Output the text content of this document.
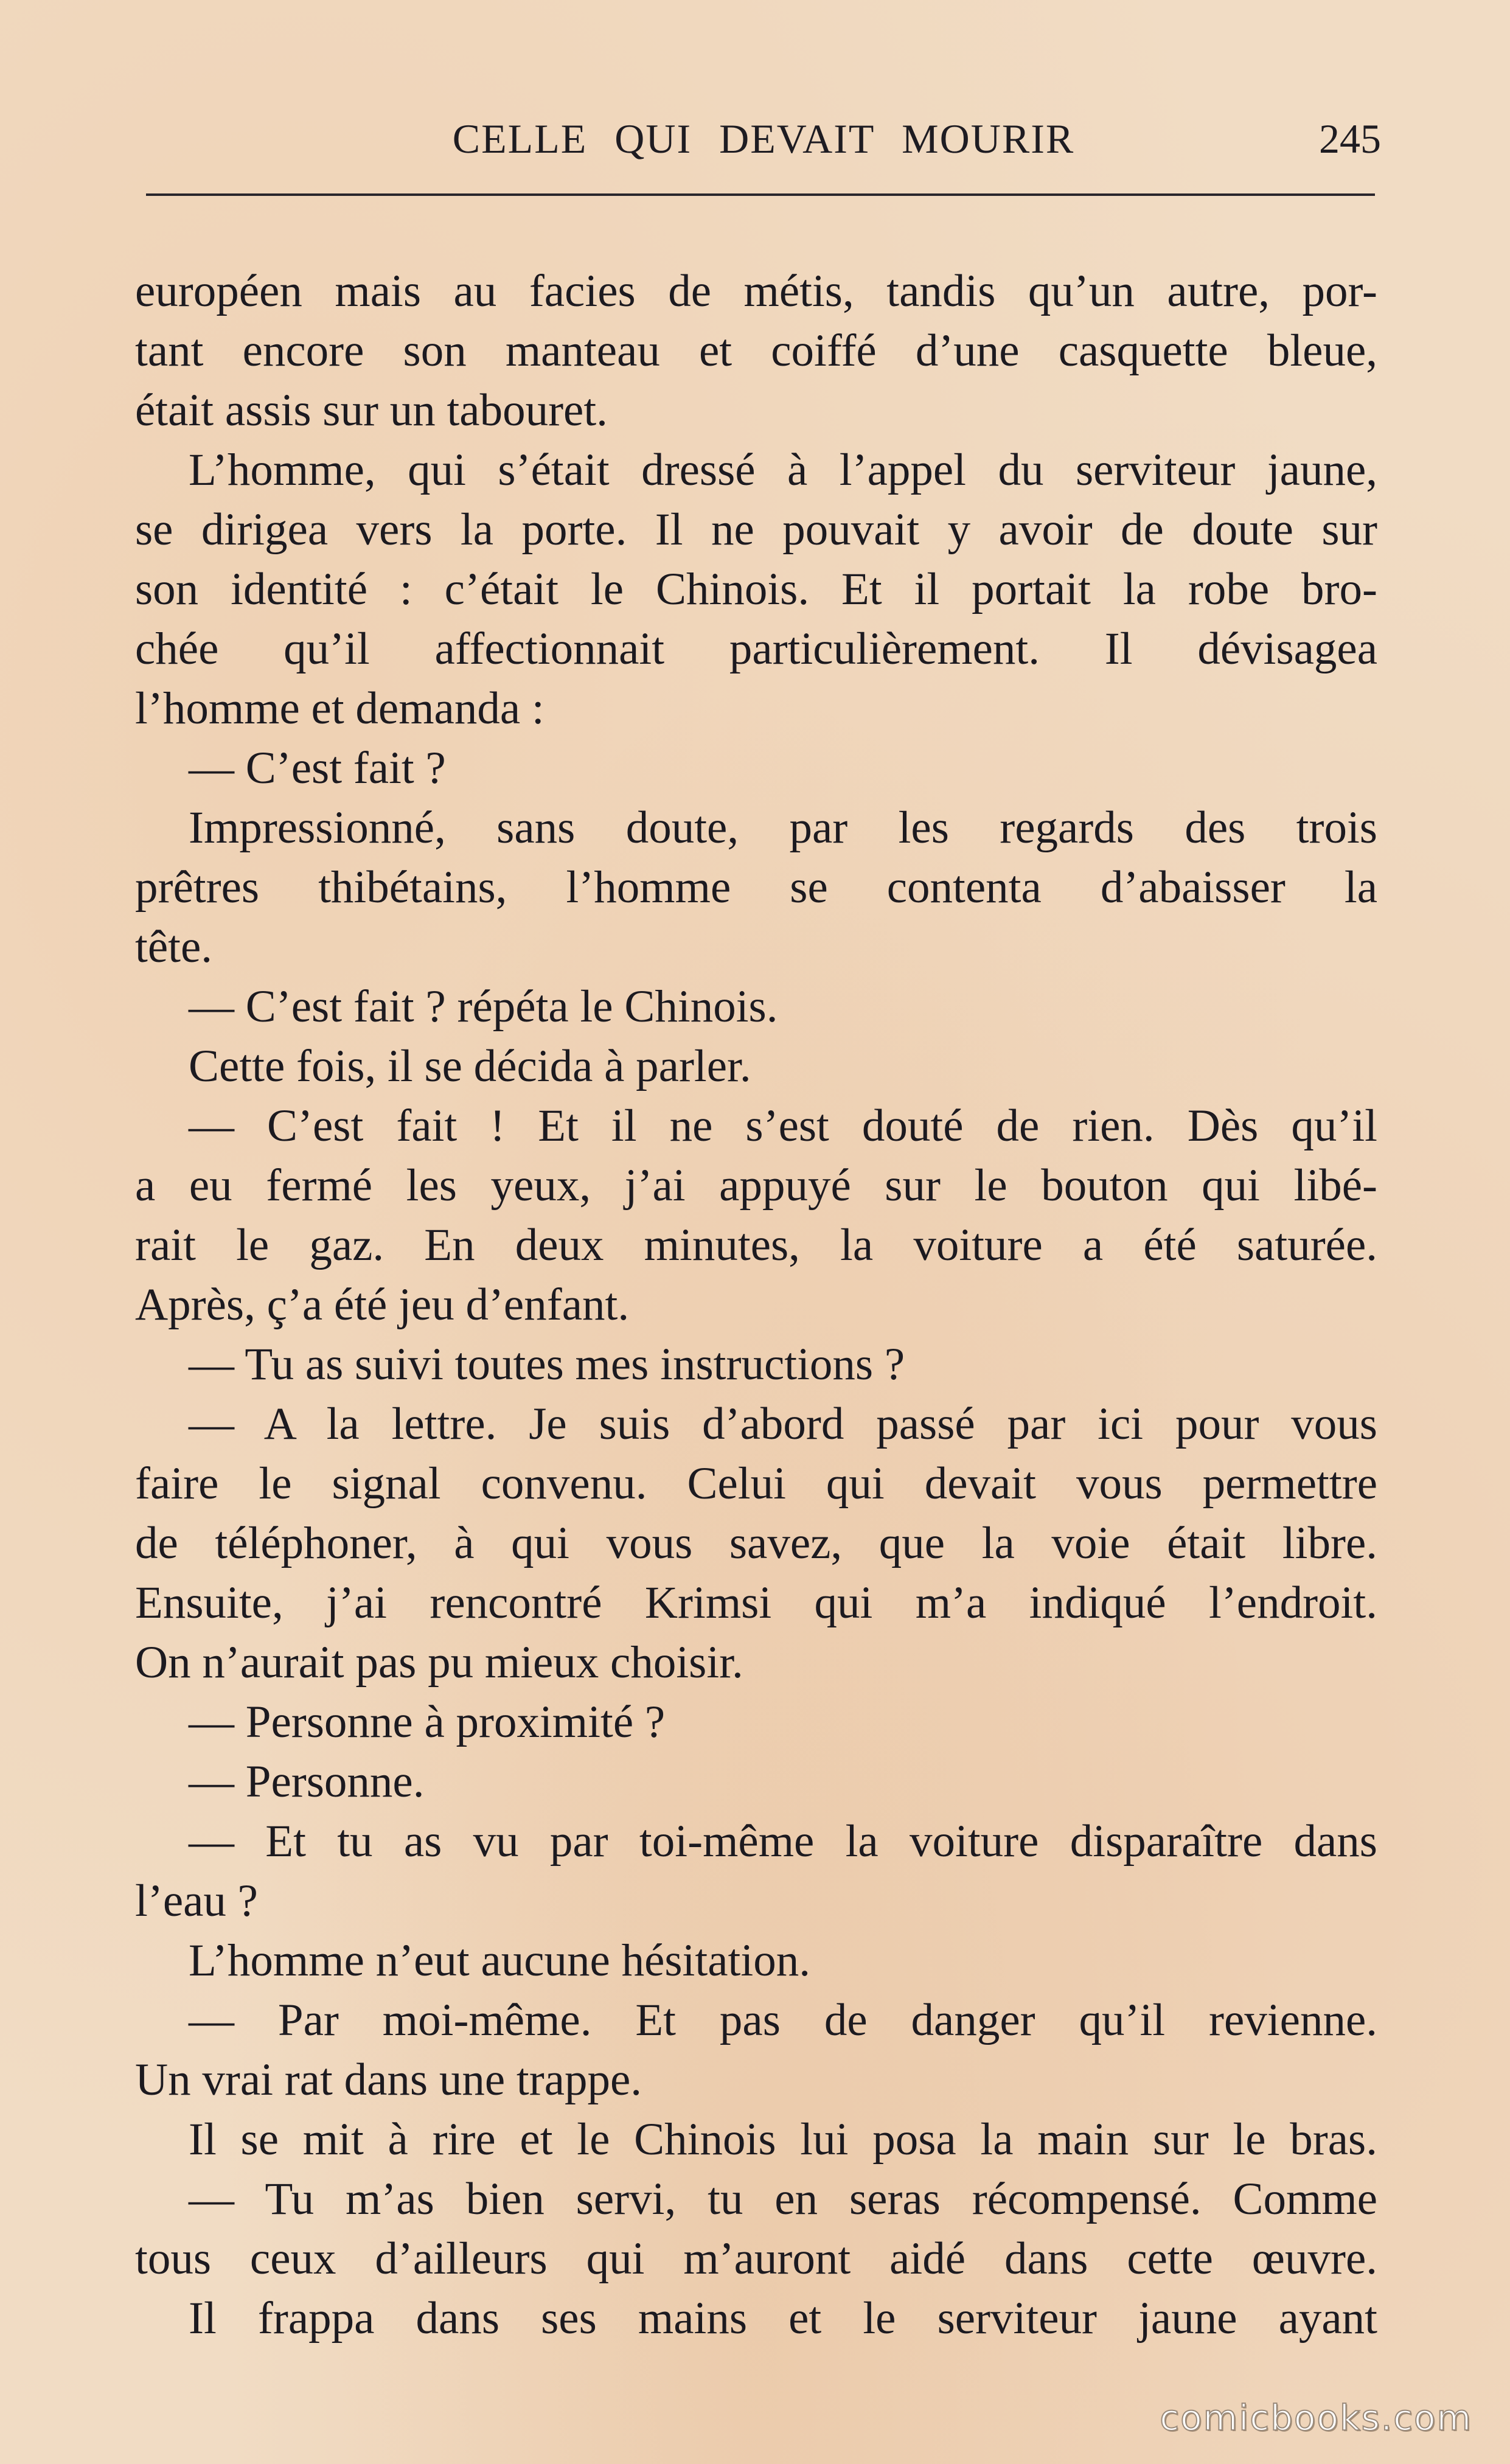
CELLE QUI DEVAIT MOURIR	245
européen mais au facies de métis, tandis qu’un autre, por-
tant encore son manteau et coiffé d’une casquette bleue,
était assis sur un tabouret.
L’homme, qui s’était dressé à l’appel du serviteur jaune,
se dirigea vers la porte. Il ne pouvait y avoir de doute sur
son identité : c’était le Chinois. Et il portait la robe bro-
chée qu’il affectionnait particulièrement. Il dévisagea
l’homme et demanda :
— C’est fait ?
Impressionné, sans doute, par les regards des trois
prêtres thibétains, l’homme se contenta d’abaisser la
tête.
— C’est fait ? répéta le Chinois.
Cette fois, il se décida à parler.
— C’est fait ! Et il ne s’est douté de rien. Dès qu’il
a eu fermé les yeux, j’ai appuyé sur le bouton qui libé-
rait le gaz. En deux minutes, la voiture a été saturée.
Après, ç’a été jeu d’enfant.
— Tu as suivi toutes mes instructions ?
— A la lettre. Je suis d’abord passé par ici pour vous
faire le signal convenu. Celui qui devait vous permettre
de téléphoner, à qui vous savez, que la voie était libre.
Ensuite, j’ai rencontré Krimsi qui m’a indiqué l’endroit.
On n’aurait pas pu mieux choisir.
— Personne à proximité ?
— Personne.
— Et tu as vu par toi-même la voiture disparaître dans
l’eau ?
L’homme n’eut aucune hésitation.
— Par moi-même. Et pas de danger qu’il revienne.
Un vrai rat dans une trappe.
Il se mit à rire et le Chinois lui posa la main sur le bras.
— Tu m’as bien servi, tu en seras récompensé. Comme
tous ceux d’ailleurs qui m’auront aidé dans cette œuvre.
Il frappa dans ses mains et le serviteur jaune ayant
comicbooks.com
